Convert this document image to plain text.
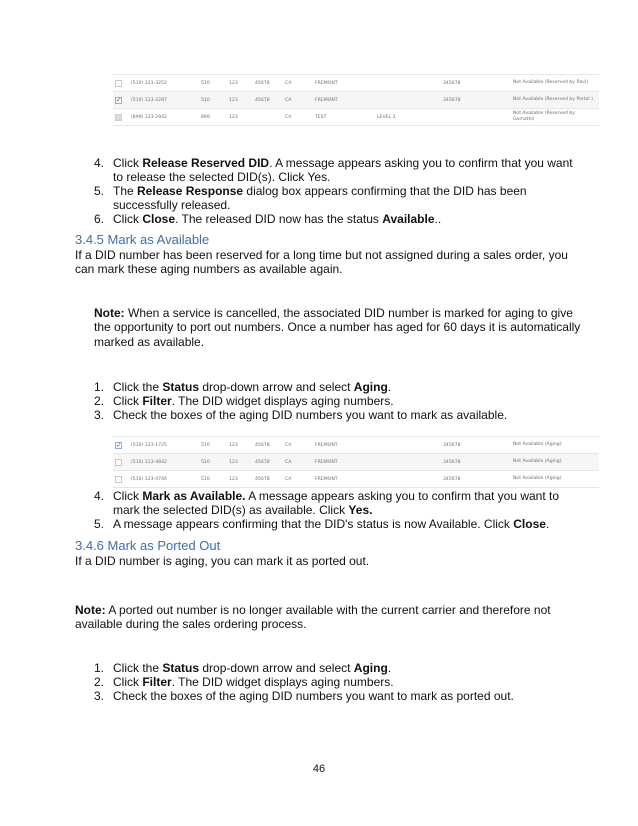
	(510) 123-3252	510	123	45678	CA	FREMONT		345678	Not Available (Reserved by Ravi)
✓	(510) 123-2287	510	123	45678	CA	FREMONT		345678	Not Available (Reserved by Portal )
	(899) 123-2942	899	123		CA	TEST	LEVEL 3		Not Available (Reserved by Gomathi)
4. Click Release Reserved DID. A message appears asking you to confirm that you want
to release the selected DID(s). Click Yes.
5. The Release Response dialog box appears confirming that the DID has been
successfully released.
6. Click Close. The released DID now has the status Available..
3.4.5 Mark as Available
If a DID number has been reserved for a long time but not assigned during a sales order, you
can mark these aging numbers as available again.
Note: When a service is cancelled, the associated DID number is marked for aging to give
the opportunity to port out numbers. Once a number has aged for 60 days it is automatically
marked as available.
1. Click the Status drop-down arrow and select Aging.
2. Click Filter. The DID widget displays aging numbers.
3. Check the boxes of the aging DID numbers you want to mark as available.
✓	(510) 123-1725	510	123	45678	CA	FREMONT		345678	Not Available (Aging)
	(510) 123-4842	510	123	45678	CA	FREMONT		345678	Not Available (Aging)
	(510) 123-4746	510	123	45678	CA	FREMONT		345678	Not Available (Aging)
4. Click Mark as Available. A message appears asking you to confirm that you want to
mark the selected DID(s) as available. Click Yes.
5. A message appears confirming that the DID's status is now Available. Click Close.
3.4.6 Mark as Ported Out
If a DID number is aging, you can mark it as ported out.
Note: A ported out number is no longer available with the current carrier and therefore not
available during the sales ordering process.
1. Click the Status drop-down arrow and select Aging.
2. Click Filter. The DID widget displays aging numbers.
3. Check the boxes of the aging DID numbers you want to mark as ported out.
46
